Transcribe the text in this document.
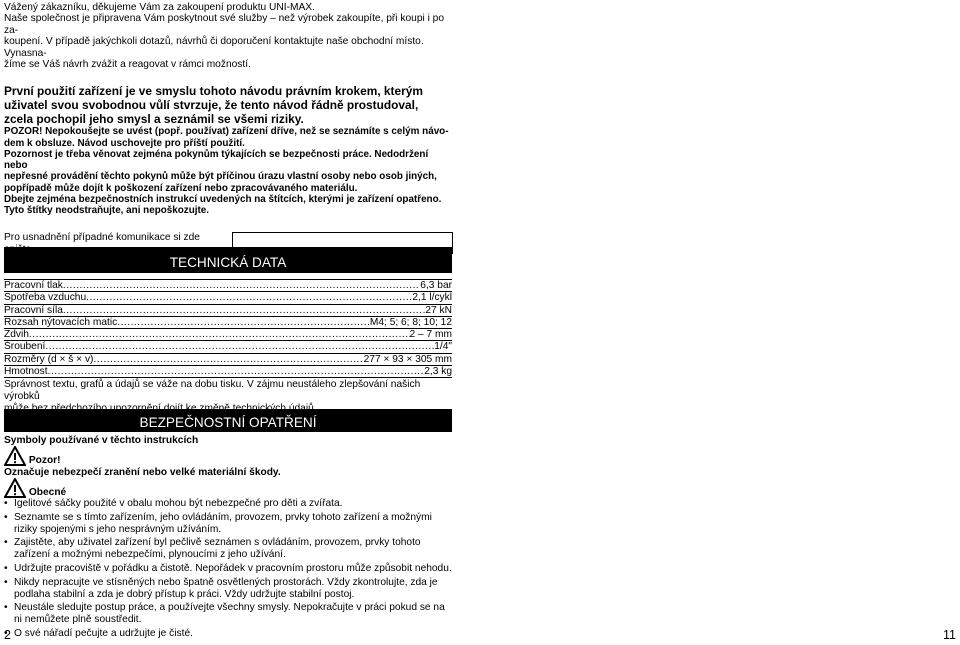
Vážený zákazníku, děkujeme Vám za zakoupení produktu UNI-MAX.
Naše společnost je připravena Vám poskytnout své služby – než výrobek zakoupíte, při koupi i po za-
koupení. V případě jakýchkoli dotazů, návrhů či doporučení kontaktujte naše obchodní místo. Vynasna-
žíme se Váš návrh zvážit a reagovat v rámci možností.
První použití zařízení je ve smyslu tohoto návodu právním krokem, kterým
uživatel svou svobodnou vůlí stvrzuje, že tento návod řádně prostudoval,
zcela pochopil jeho smysl a seznámil se všemi riziky.
POZOR! Nepokoušejte se uvést (popř. používat) zařízení dříve, než se seznámíte s celým návo-
dem k obsluze. Návod uschovejte pro příští použití.
Pozornost je třeba věnovat zejména pokynům týkajících se bezpečnosti práce. Nedodržení nebo
nepřesné provádění těchto pokynů může být příčinou úrazu vlastní osoby nebo osob jiných,
popřípadě může dojít k poškození zařízení nebo zpracovávaného materiálu.
Dbejte zejména bezpečnostních instrukcí uvedených na štítcích, kterými je zařízení opatřeno.
Tyto štítky neodstraňujte, ani nepoškozujte.
Pro usnadnění případné komunikace si zde
TECHNICKÁ DATA
Pracovní tlak .....	6,3 bar
Spotřeba vzduchu .....	2,1 l/cykl
Pracovní síla .....	27 kN
Rozsah nýtovacích matic .....	M4; 5; 6; 8; 10; 12
Zdvih .....	2 – 7 mm
Šroubení .....	1/4"
Rozměry (d × š × v) .....	277 × 93 × 305 mm
Hmotnost .....	2,3 kg
Správnost textu, grafů a údajů se váže na dobu tisku. V zájmu neustáleho zlepšování našich výrobků
BEZPEČNOSTNÍ OPATŘENÍ
Symboly používané v těchto instrukcích
Pozor!
Označuje nebezpečí zranění nebo velké materiální škody.
Obecné
• Igelitové sáčky použité v obalu mohou být nebezpečné pro děti a zvířata.
• Seznamte se s tímto zařízením, jeho ovládáním, provozem, prvky tohoto zařízení a možnými riziky spojenými s jeho nesprávným užíváním.
• Zajistěte, aby uživatel zařízení byl pečlivě seznámen s ovládáním, provozem, prvky tohoto zařízení a možnými nebezpečími, plynoucími z jeho užívání.
• Udržujte pracoviště v pořádku a čistotě. Nepořádek v pracovním prostoru může způsobit nehodu.
• Nikdy nepracujte ve stísněných nebo špatně osvětlených prostorách. Vždy zkontrolujte, zda je podlaha stabilní a zda je dobrý přístup k práci. Vždy udržujte stabilní postoj.
• Neustále sledujte postup práce, a používejte všechny smysly. Nepokračujte v práci pokud se na ni nemůžete plně soustředit.
• O své nářadí pečujte a udržujte je čisté.
2	11
